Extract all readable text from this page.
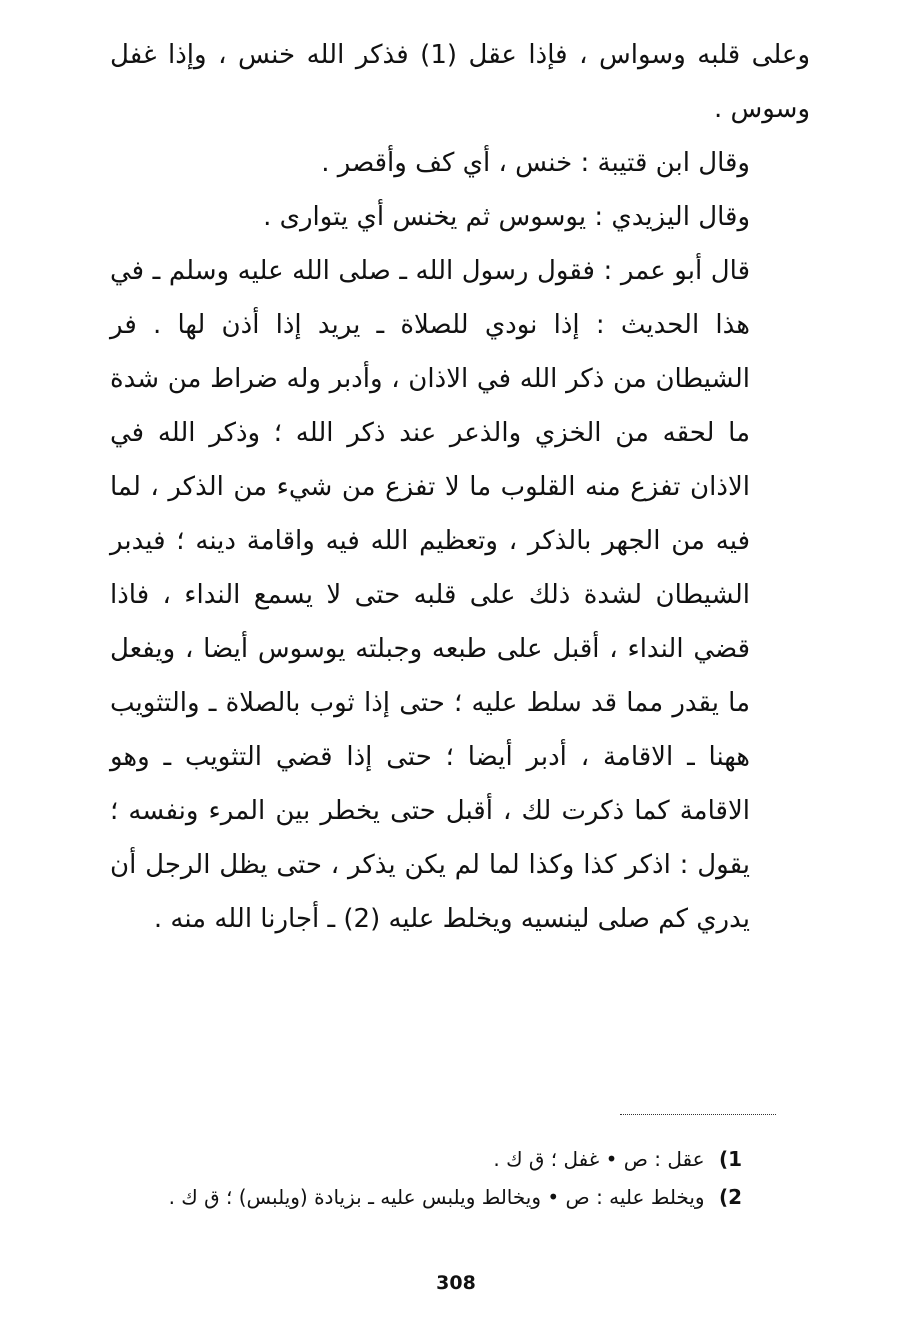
وعلى قلبه وسواس ، فإذا عقل (1) فذكر الله خنس ، وإذا غفل وسوس .

وقال ابن قتيبة : خنس ، أي كف وأقصر .

وقال اليزيدي : يوسوس ثم يخنس أي يتوارى .

قال أبو عمر : فقول رسول الله ـ صلى الله عليه وسلم ـ في هذا الحديث : إذا نودي للصلاة ـ يريد إذا أذن لها . فر الشيطان من ذكر الله في الاذان ، وأدبر وله ضراط من شدة ما لحقه من الخزي والذعر عند ذكر الله ؛ وذكر الله في الاذان تفزع منه القلوب ما لا تفزع من شيء من الذكر ، لما فيه من الجهر بالذكر ، وتعظيم الله فيه واقامة دينه ؛ فيدبر الشيطان لشدة ذلك على قلبه حتى لا يسمع النداء ، فاذا قضي النداء ، أقبل على طبعه وجبلته يوسوس أيضا ، ويفعل ما يقدر مما قد سلط عليه ؛ حتى إذا ثوب بالصلاة ـ والتثويب ههنا ـ الاقامة ، أدبر أيضا ؛ حتى إذا قضي التثويب ـ وهو الاقامة كما ذكرت لك ، أقبل حتى يخطر بين المرء ونفسه ؛ يقول : اذكر كذا وكذا لما لم يكن يذكر ، حتى يظل الرجل أن يدري كم صلى لينسيه ويخلط عليه (2) ـ أجارنا الله منه .

1) عقل : ص • غفل ؛ ق ك .

2) ويخلط عليه : ص • ويخالط ويلبس عليه ـ بزيادة (ويلبس) ؛ ق ك .

308
